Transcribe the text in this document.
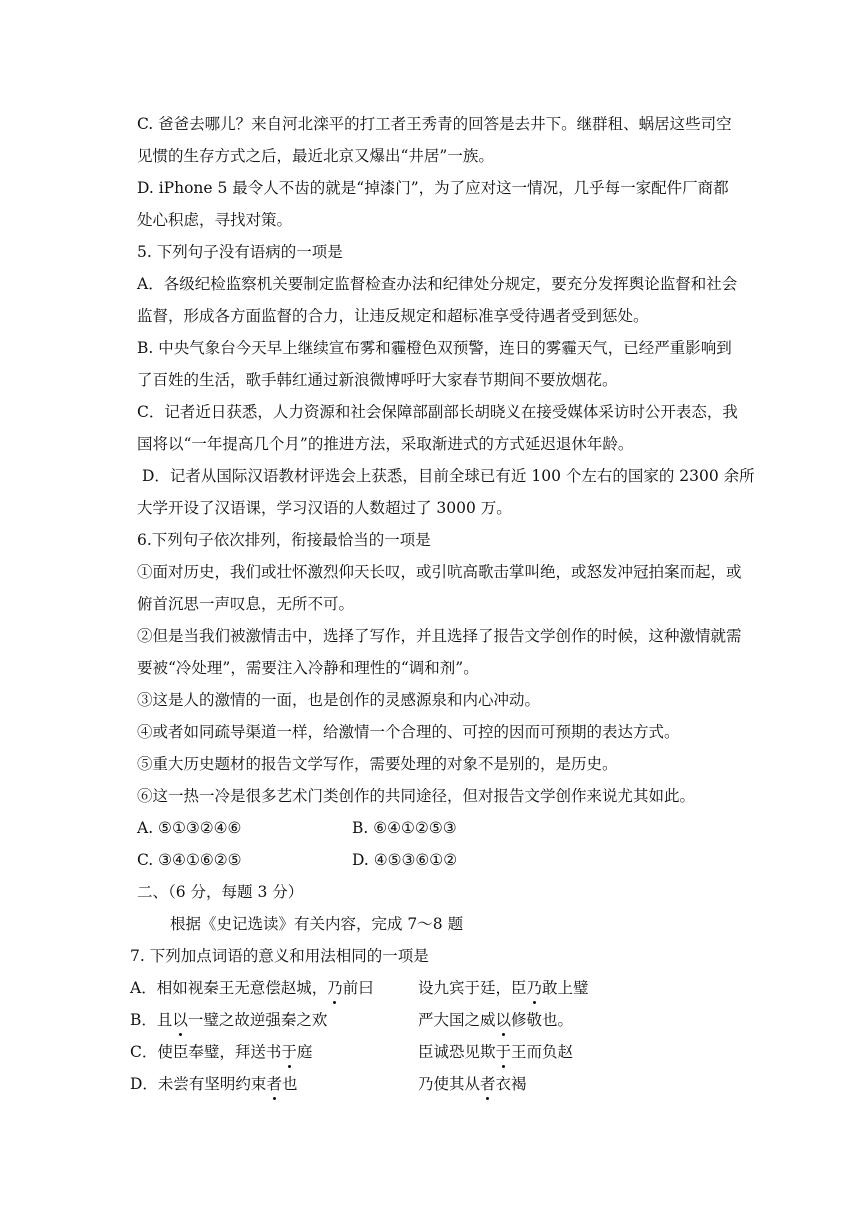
C. 爸爸去哪儿？来自河北滦平的打工者王秀青的回答是去井下。继群租、蜗居这些司空
见惯的生存方式之后，最近北京又爆出“井居”一族。
D. iPhone 5 最令人不齿的就是“掉漆门”，为了应对这一情况，几乎每一家配件厂商都
处心积虑，寻找对策。
5. 下列句子没有语病的一项是
A．各级纪检监察机关要制定监督检查办法和纪律处分规定，要充分发挥舆论监督和社会
监督，形成各方面监督的合力，让违反规定和超标准享受待遇者受到惩处。
B. 中央气象台今天早上继续宣布雾和霾橙色双预警，连日的雾霾天气，已经严重影响到
了百姓的生活，歌手韩红通过新浪微博呼吁大家春节期间不要放烟花。
C．记者近日获悉，人力资源和社会保障部副部长胡晓义在接受媒体采访时公开表态，我
国将以“一年提高几个月”的推进方法，采取渐进式的方式延迟退休年龄。
D．记者从国际汉语教材评选会上获悉，目前全球已有近 100 个左右的国家的 2300 余所
大学开设了汉语课，学习汉语的人数超过了 3000 万。
6.下列句子依次排列，衔接最恰当的一项是
①面对历史，我们或壮怀激烈仰天长叹，或引吭高歌击掌叫绝，或怒发冲冠拍案而起，或
俯首沉思一声叹息，无所不可。
②但是当我们被激情击中，选择了写作，并且选择了报告文学创作的时候，这种激情就需
要被“冷处理”，需要注入冷静和理性的“调和剂”。
③这是人的激情的一面，也是创作的灵感源泉和内心冲动。
④或者如同疏导渠道一样，给激情一个合理的、可控的因而可预期的表达方式。
⑤重大历史题材的报告文学写作，需要处理的对象不是别的，是历史。
⑥这一热一冷是很多艺术门类创作的共同途径，但对报告文学创作来说尤其如此。
A. ⑤①③②④⑥	B. ⑥④①②⑤③
C. ③④①⑥②⑤	D. ④⑤③⑥①②
二、（6 分，每题 3 分）
根据《史记选读》有关内容，完成 7～8 题
7. 下列加点词语的意义和用法相同的一项是
A．相如视秦王无意偿赵城，乃前曰	设九宾于廷，臣乃敢上璧
B．且以一璧之故逆强秦之欢	严大国之威以修敬也。
C．使臣奉璧，拜送书于庭	臣诚恐见欺于王而负赵
D．未尝有坚明约束者也	乃使其从者衣褐
